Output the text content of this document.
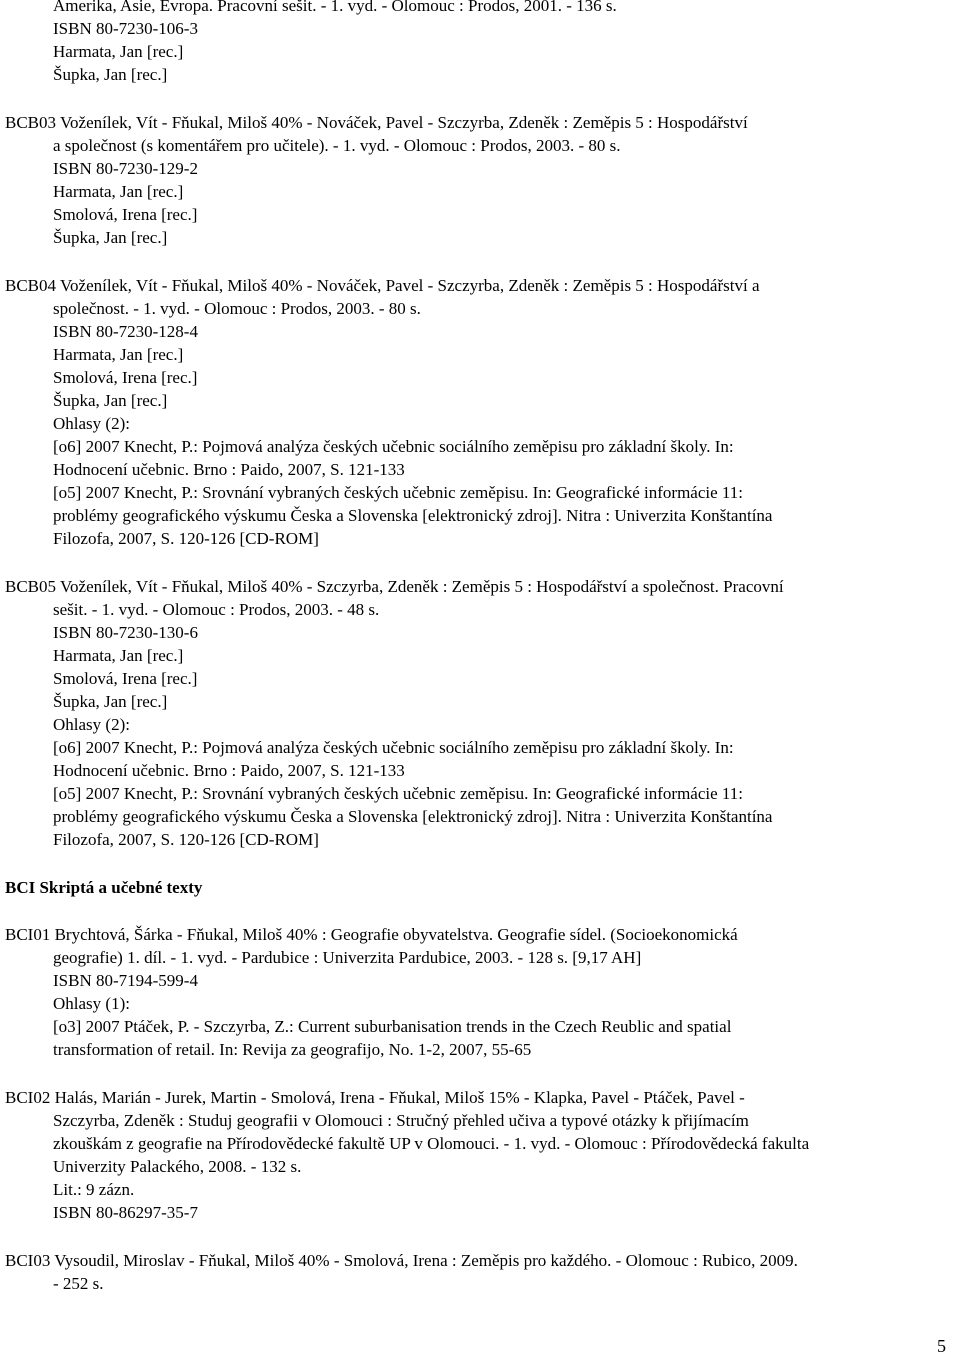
Amerika, Asie, Evropa. Pracovní sešit. - 1. vyd. - Olomouc : Prodos, 2001. - 136 s.
ISBN 80-7230-106-3
Harmata, Jan [rec.]
Šupka, Jan [rec.]
BCB03 Voženílek, Vít - Fňukal, Miloš 40% - Nováček, Pavel - Szczyrba, Zdeněk : Zeměpis 5 : Hospodářství
a společnost (s komentářem pro učitele). - 1. vyd. - Olomouc : Prodos, 2003. - 80 s.
ISBN 80-7230-129-2
Harmata, Jan [rec.]
Smolová, Irena [rec.]
Šupka, Jan [rec.]
BCB04 Voženílek, Vít - Fňukal, Miloš 40% - Nováček, Pavel - Szczyrba, Zdeněk : Zeměpis 5 : Hospodářství a
společnost. - 1. vyd. - Olomouc : Prodos, 2003. - 80 s.
ISBN 80-7230-128-4
Harmata, Jan [rec.]
Smolová, Irena [rec.]
Šupka, Jan [rec.]
Ohlasy (2):
[o6] 2007 Knecht, P.: Pojmová analýza českých učebnic sociálního zeměpisu pro základní školy. In:
Hodnocení učebnic. Brno : Paido, 2007, S. 121-133
[o5] 2007 Knecht, P.: Srovnání vybraných českých učebnic zeměpisu. In: Geografické informácie 11:
problémy geografického výskumu Česka a Slovenska [elektronický zdroj]. Nitra : Univerzita Konštantína
Filozofa, 2007, S. 120-126 [CD-ROM]
BCB05 Voženílek, Vít - Fňukal, Miloš 40% - Szczyrba, Zdeněk : Zeměpis 5 : Hospodářství a společnost. Pracovní
sešit. - 1. vyd. - Olomouc : Prodos, 2003. - 48 s.
ISBN 80-7230-130-6
Harmata, Jan [rec.]
Smolová, Irena [rec.]
Šupka, Jan [rec.]
Ohlasy (2):
[o6] 2007 Knecht, P.: Pojmová analýza českých učebnic sociálního zeměpisu pro základní školy. In:
Hodnocení učebnic. Brno : Paido, 2007, S. 121-133
[o5] 2007 Knecht, P.: Srovnání vybraných českých učebnic zeměpisu. In: Geografické informácie 11:
problémy geografického výskumu Česka a Slovenska [elektronický zdroj]. Nitra : Univerzita Konštantína
Filozofa, 2007, S. 120-126 [CD-ROM]
BCI Skriptá a učebné texty
BCI01 Brychtová, Šárka - Fňukal, Miloš 40% : Geografie obyvatelstva. Geografie sídel. (Socioekonomická
geografie) 1. díl. - 1. vyd. - Pardubice : Univerzita Pardubice, 2003. - 128 s. [9,17 AH]
ISBN 80-7194-599-4
Ohlasy (1):
[o3] 2007 Ptáček, P. - Szczyrba, Z.: Current suburbanisation trends in the Czech Reublic and spatial
transformation of retail. In: Revija za geografijo, No. 1-2, 2007, 55-65
BCI02 Halás, Marián - Jurek, Martin - Smolová, Irena - Fňukal, Miloš 15% - Klapka, Pavel - Ptáček, Pavel -
Szczyrba, Zdeněk : Studuj geografii v Olomouci : Stručný přehled učiva a typové otázky k přijímacím
zkouškám z geografie na Přírodovědecké fakultě UP v Olomouci. - 1. vyd. - Olomouc : Přírodovědecká fakulta
Univerzity Palackého, 2008. - 132 s.
Lit.: 9 zázn.
ISBN 80-86297-35-7
BCI03 Vysoudil, Miroslav - Fňukal, Miloš 40% - Smolová, Irena : Zeměpis pro každého. - Olomouc : Rubico, 2009.
- 252 s.
5
